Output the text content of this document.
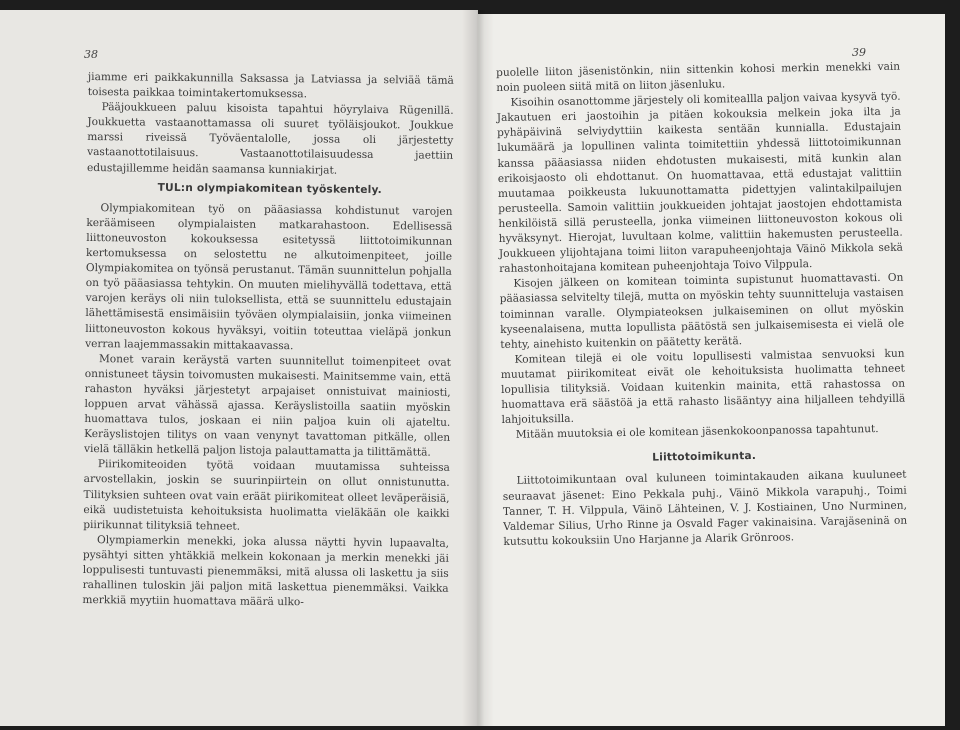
38

jiamme eri paikkakunnilla Saksassa ja Latviassa ja selviää tämä toisesta paikkaa toimintakertomuksessa.

Pääjoukkueen paluu kisoista tapahtui höyrylaiva Rügenillä. Joukkuetta vastaanottamassa oli suuret työläisjoukot. Joukkue marssi riveissä Työväentalolle, jossa oli järjestetty vastaanottotilaisuus. Vastaanottotilaisuudessa jaettiin edustajillemme heidän saamansa kunniakirjat.

TUL:n olympiakomitean työskentely.

Olympiakomitean työ on pääasiassa kohdistunut varojen keräämiseen olympialaisten matkarahastoon. Edellisessä liittoneuvoston kokouksessa esitetyssä liittotoimikunnan kertomuksessa on selostettu ne alkutoimenpiteet, joille Olympiakomitea on työnsä perustanut. Tämän suunnittelun pohjalla on työ pääasiassa tehtykin. On muuten mielihyvällä todettava, että varojen keräys oli niin tuloksellista, että se suunnittelu edustajain lähettämisestä ensimäisiin työväen olympialaisiin, jonka viimeinen liittoneuvoston kokous hyväksyi, voitiin toteuttaa vieläpä jonkun verran laajemmassakin mittakaavassa.

Monet varain keräystä varten suunnitellut toimenpiteet ovat onnistuneet täysin toivomusten mukaisesti. Mainitsemme vain, että rahaston hyväksi järjestetyt arpajaiset onnistuivat mainiosti, loppuen arvat vähässä ajassa. Keräyslistoilla saatiin myöskin huomattava tulos, joskaan ei niin paljoa kuin oli ajateltu. Keräyslistojen tilitys on vaan venynyt tavattoman pitkälle, ollen vielä tälläkin hetkellä paljon listoja palauttamatta ja tilittämättä.

Piirikomiteoiden työtä voidaan muutamissa suhteissa arvostellakin, joskin se suurinpiirtein on ollut onnistunutta. Tilityksien suhteen ovat vain eräät piirikomiteat olleet leväperäisiä, eikä uudistetuista kehoituksista huolimatta vieläkään ole kaikki piirikunnat tilityksiä tehneet.

Olympiamerkin menekki, joka alussa näytti hyvin lupaavalta, pysähtyi sitten yhtäkkiä melkein kokonaan ja merkin menekki jäi loppulisesti tuntuvasti pienemmäksi, mitä alussa oli laskettu ja siis rahallinen tuloskin jäi paljon mitä laskettua pienemmäksi. Vaikka merkkiä myytiin huomattava määrä ulko-

39

puolelle liiton jäsenistönkin, niin sittenkin kohosi merkin menekki vain noin puoleen siitä mitä on liiton jäsenluku.

Kisoihin osanottomme järjestely oli komiteallla paljon vaivaa kysyvä työ. Jakautuen eri jaostoihin ja pitäen kokouksia melkein joka ilta ja pyhäpäivinä selviydyttiin kaikesta sentään kunnialla. Edustajain lukumäärä ja lopullinen valinta toimitettiin yhdessä liittotoimikunnan kanssa pääasiassa niiden ehdotusten mukaisesti, mitä kunkin alan erikoisjaosto oli ehdottanut. On huomattavaa, että edustajat valittiin muutamaa poikkeusta lukuunottamatta pidettyjen valintakilpailujen perusteella. Samoin valittiin joukkueiden johtajat jaostojen ehdottamista henkilöistä sillä perusteella, jonka viimeinen liittoneuvoston kokous oli hyväksynyt. Hierojat, luvultaan kolme, valittiin hakemusten perusteella. Joukkueen ylijohtajana toimi liiton varapuheenjohtaja Väinö Mikkola sekä rahastonhoitajana komitean puheenjohtaja Toivo Vilppula.

Kisojen jälkeen on komitean toiminta supistunut huomattavasti. On pääasiassa selvitelty tilejä, mutta on myöskin tehty suunnitteluja vastaisen toiminnan varalle. Olympiateoksen julkaiseminen on ollut myöskin kyseenalaisena, mutta lopullista päätöstä sen julkaisemisesta ei vielä ole tehty, ainehisto kuitenkin on päätetty kerätä.

Komitean tilejä ei ole voitu lopullisesti valmistaa senvuoksi kun muutamat piirikomiteat eivät ole kehoituksista huolimatta tehneet lopullisia tilityksiä. Voidaan kuitenkin mainita, että rahastossa on huomattava erä säästöä ja että rahasto lisääntyy aina hiljalleen tehdyillä lahjoituksilla.

Mitään muutoksia ei ole komitean jäsenkokoonpanossa tapahtunut.

Liittotoimikunta.

Liittotoimikuntaan oval kuluneen toimintakauden aikana kuuluneet seuraavat jäsenet: Eino Pekkala puhj., Väinö Mikkola varapuhj., Toimi Tanner, T. H. Vilppula, Väinö Lähteinen, V. J. Kostiainen, Uno Nurminen, Valdemar Silius, Urho Rinne ja Osvald Fager vakinaisina. Varajäseninä on kutsuttu kokouksiin Uno Harjanne ja Alarik Grönroos.
